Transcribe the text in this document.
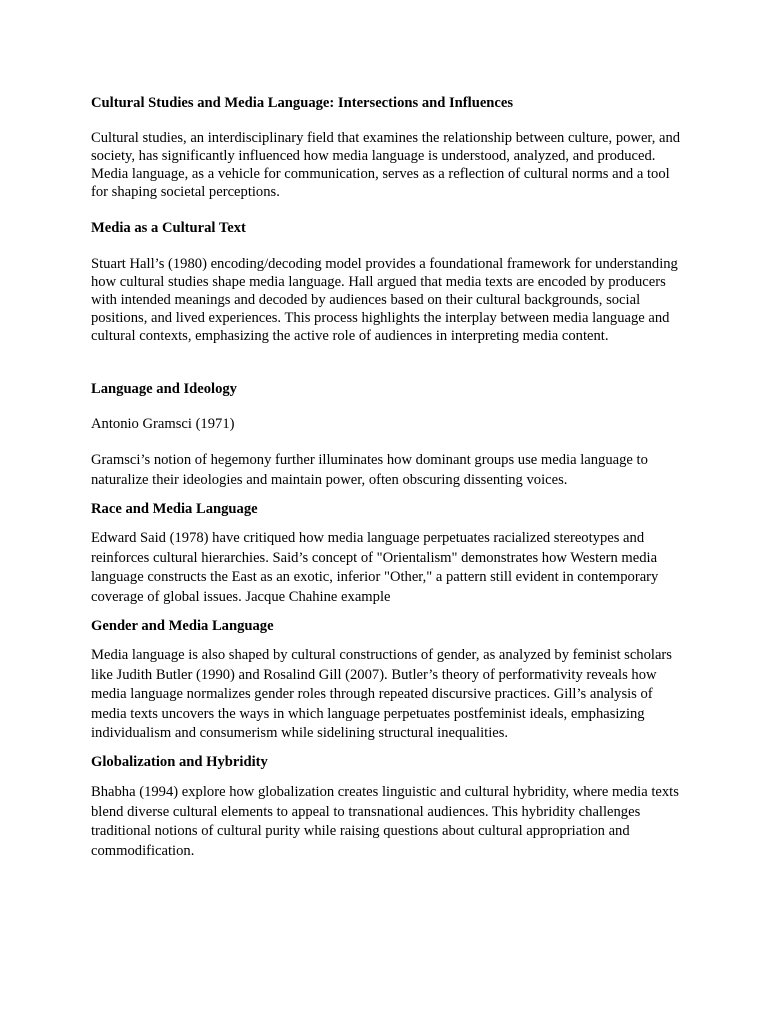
Cultural Studies and Media Language: Intersections and Influences

Cultural studies, an interdisciplinary field that examines the relationship between culture, power, and society, has significantly influenced how media language is understood, analyzed, and produced. Media language, as a vehicle for communication, serves as a reflection of cultural norms and a tool for shaping societal perceptions.

Media as a Cultural Text

Stuart Hall’s (1980) encoding/decoding model provides a foundational framework for understanding how cultural studies shape media language. Hall argued that media texts are encoded by producers with intended meanings and decoded by audiences based on their cultural backgrounds, social positions, and lived experiences. This process highlights the interplay between media language and cultural contexts, emphasizing the active role of audiences in interpreting media content.

Language and Ideology

Antonio Gramsci (1971)

Gramsci’s notion of hegemony further illuminates how dominant groups use media language to naturalize their ideologies and maintain power, often obscuring dissenting voices.

Race and Media Language

Edward Said (1978) have critiqued how media language perpetuates racialized stereotypes and reinforces cultural hierarchies. Said’s concept of "Orientalism" demonstrates how Western media language constructs the East as an exotic, inferior "Other," a pattern still evident in contemporary coverage of global issues. Jacque Chahine example

Gender and Media Language

Media language is also shaped by cultural constructions of gender, as analyzed by feminist scholars like Judith Butler (1990) and Rosalind Gill (2007). Butler’s theory of performativity reveals how media language normalizes gender roles through repeated discursive practices. Gill’s analysis of media texts uncovers the ways in which language perpetuates postfeminist ideals, emphasizing individualism and consumerism while sidelining structural inequalities.

Globalization and Hybridity

Bhabha (1994) explore how globalization creates linguistic and cultural hybridity, where media texts blend diverse cultural elements to appeal to transnational audiences. This hybridity challenges traditional notions of cultural purity while raising questions about cultural appropriation and commodification.
